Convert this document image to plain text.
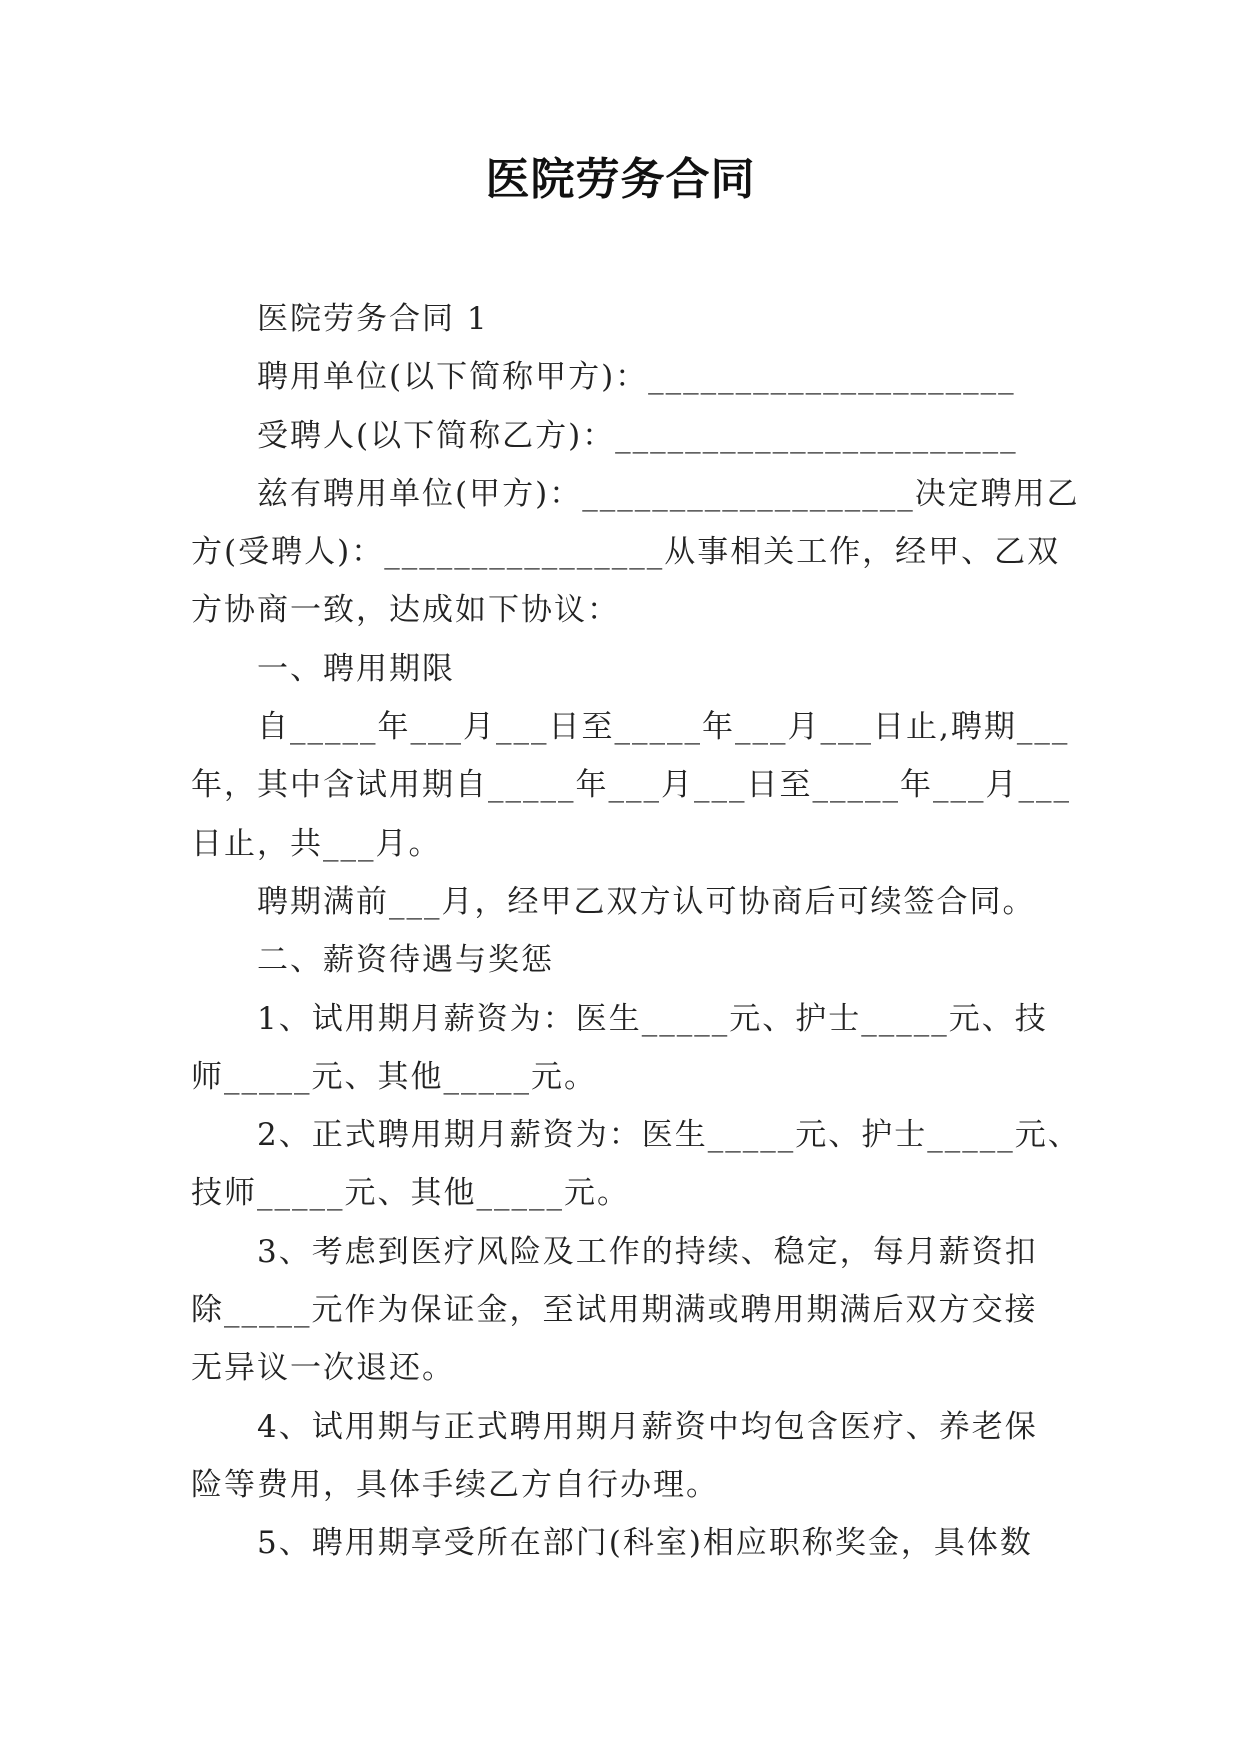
医院劳务合同
医院劳务合同 1
聘用单位(以下简称甲方)：_____________________
受聘人(以下简称乙方)：_______________________
兹有聘用单位(甲方)：___________________决定聘用乙
方(受聘人)：________________从事相关工作，经甲、乙双
方协商一致，达成如下协议：
一、聘用期限
自_____年___月___日至_____年___月___日止,聘期___
年，其中含试用期自_____年___月___日至_____年___月___
日止，共___月。
聘期满前___月，经甲乙双方认可协商后可续签合同。
二、薪资待遇与奖惩
1、试用期月薪资为：医生_____元、护士_____元、技
师_____元、其他_____元。
2、正式聘用期月薪资为：医生_____元、护士_____元、
技师_____元、其他_____元。
3、考虑到医疗风险及工作的持续、稳定，每月薪资扣
除_____元作为保证金，至试用期满或聘用期满后双方交接
无异议一次退还。
4、试用期与正式聘用期月薪资中均包含医疗、养老保
险等费用，具体手续乙方自行办理。
5、聘用期享受所在部门(科室)相应职称奖金，具体数
